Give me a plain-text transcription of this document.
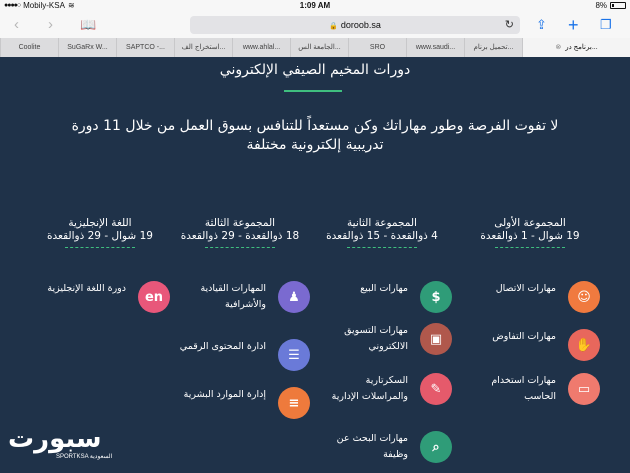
●●●●○ Mobily-KSA ≋	1:09 AM	8%
‹ › 📖	🔒 doroob.sa	↻ ⇪ + ❐
Coolite	SuGaRx W...	SAPTCO -...	استخراج الف...	www.ahlal...	الجامعة الس...	SRO	www.saudi...	تحميل برنام...	⊗ برنامج در...
دورات المخيم الصيفي الإلكتروني
لا تفوت الفرصة وطور مهاراتك وكن مستعداً للتنافس بسوق العمل من خلال 11 دورة تدريبية إلكترونية مختلفة
المجموعة الأولى
19 شوال - 1 ذوالقعدة
☺
مهارات الاتصال
✋
مهارات التفاوض
▭
مهارات استخدام الحاسب
المجموعة الثانية
4 ذوالقعدة - 15 ذوالقعدة
$
مهارات البيع
▣
مهارات التسويق الالكتروني
✎
السكرتارية والمراسلات الإدارية
⌕
مهارات البحث عن وظيفة
المجموعة الثالثة
18 ذوالقعدة - 29 ذوالقعدة
♟
المهارات القيادية والأشرافية
☰
ادارة المحتوى الرقمي
≡
إدارة الموارد البشرية
اللغة الإنجليزية
19 شوال - 29 ذوالقعدة
en
دورة اللغة الإنجليزية
سبورت
SPORTKSA السعودية
